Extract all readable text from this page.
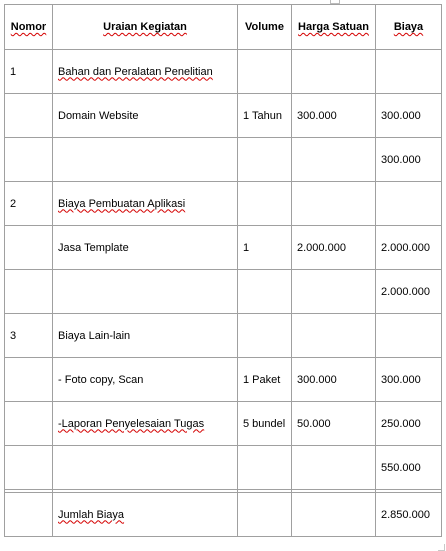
Nomor	Uraian Kegiatan	Volume	Harga Satuan	Biaya
1	Bahan dan Peralatan Penelitian			
	Domain Website	1 Tahun	300.000	300.000
				300.000
2	Biaya Pembuatan Aplikasi			
	Jasa Template	1	2.000.000	2.000.000
				2.000.000
3	Biaya Lain-lain			
	- Foto copy, Scan	1 Paket	300.000	300.000
	-Laporan Penyelesaian Tugas	5 bundel	50.000	250.000
				550.000

	Jumlah Biaya			2.850.000
